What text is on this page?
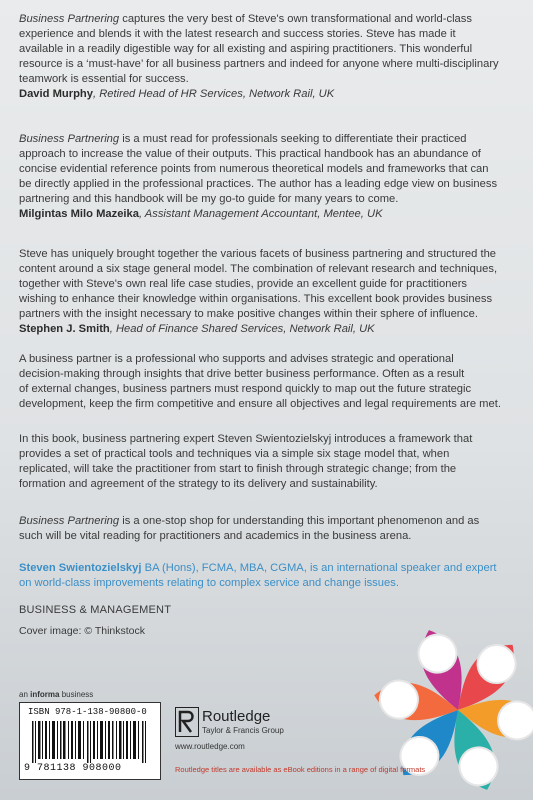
Business Partnering captures the very best of Steve's own transformational and world-class
experience and blends it with the latest research and success stories. Steve has made it
available in a readily digestible way for all existing and aspiring practitioners. This wonderful
resource is a ‘must-have’ for all business partners and indeed for anyone where multi-disciplinary
teamwork is essential for success.

David Murphy, Retired Head of HR Services, Network Rail, UK

Business Partnering is a must read for professionals seeking to differentiate their practiced
approach to increase the value of their outputs. This practical handbook has an abundance of
concise evidential reference points from numerous theoretical models and frameworks that can
be directly applied in the professional practices. The author has a leading edge view on business
partnering and this handbook will be my go-to guide for many years to come.

Milgintas Milo Mazeika, Assistant Management Accountant, Mentee, UK

Steve has uniquely brought together the various facets of business partnering and structured the
content around a six stage general model. The combination of relevant research and techniques,
together with Steve's own real life case studies, provide an excellent guide for practitioners
wishing to enhance their knowledge within organisations. This excellent book provides business
partners with the insight necessary to make positive changes within their sphere of influence.

Stephen J. Smith, Head of Finance Shared Services, Network Rail, UK

A business partner is a professional who supports and advises strategic and operational
decision-making through insights that drive better business performance. Often as a result
of external changes, business partners must respond quickly to map out the future strategic
development, keep the firm competitive and ensure all objectives and legal requirements are met.

In this book, business partnering expert Steven Swientozielskyj introduces a framework that
provides a set of practical tools and techniques via a simple six stage model that, when
replicated, will take the practitioner from start to finish through strategic change; from the
formation and agreement of the strategy to its delivery and sustainability.

Business Partnering is a one-stop shop for understanding this important phenomenon and as
such will be vital reading for practitioners and academics in the business arena.

Steven Swientozielskyj BA (Hons), FCMA, MBA, CGMA, is an international speaker and expert
on world-class improvements relating to complex service and change issues.

BUSINESS & MANAGEMENT
Cover image: © Thinkstock
an informa business
ISBN 978-1-138-90800-0
9 781138 908000
Routledge
Taylor & Francis Group
www.routledge.com
Routledge titles are available as eBook editions in a range of digital formats
